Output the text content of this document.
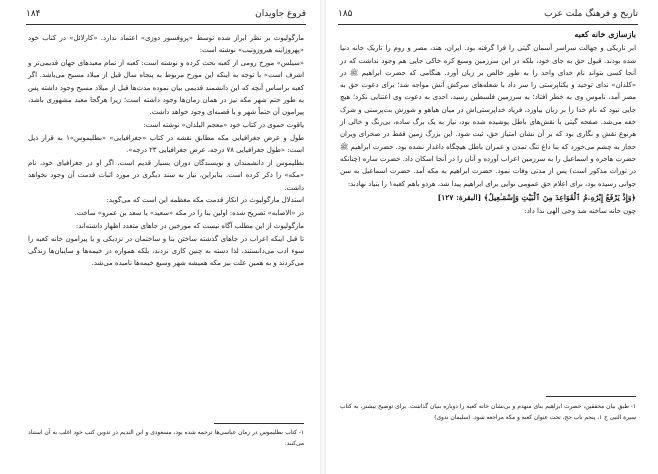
فروغ جاویدان
۱۸۴

مارگولیوث بر نظر ابراز شده توسط «پروفسور دوزی» اعتماد ندارد. «کارلائل» در کتاب خود «پهروزاینه هیروزوتیب» نوشته است:

«سیلس» مورخ رومی از کعبه بحث کرده و نوشته است: کعبه از تمام معبدهای جهان قدیمی‌تر و اشرف است» با توجه به اینکه این مورخ مربوط به پنجاه سال قبل از میلاد مسیح می‌باشد. اگر کعبه براساس آنچه که این دانشمند قدیمی بیان نموده مدت‌ها قبل از میلاد مسیح وجود داشته پس به طور حتم شهر مکه نیز در همان زمان‌ها وجود داشته است؛ زیرا هرگجا معبد مشهوری باشد، پیرامون آن حتماً شهر و یا قصبه‌ای وجود خواهد داشت.

یاقوت حموی در کتاب خود «معجم البلدان» نوشته است:

طول و عرض جغرافیایی مکه مطابق نقشه در کتاب «جغرافیایی» «بطلیموس»۱ به قرار ذیل است: «طول جغرافیایی ۷۸ درجه، عرض جغرافیایی ۲۳ درجه».

بطلیموس از دانشمندان و نویسندگان دوران بسیار قدیم است، اگر او در جغرافیای خود، نام «مکه» را ذکر کرده است. بنابراین، نیاز به سند دیگری در مورد اثبات قدمت آن وجود نخواهد داشت.

استدلال مارگولیوث در انکار قدمت مکه معظمه این است که می‌گوید:

در «الاصابه» تصریح شده: اولین بنا را در مکه «سعید» یا سعد بن عمرو» ساخت.

مارگولیوث از این مطلب آگاه نیست که مورخین در جاهای متعدد اظهار داشته‌اند:

تا قبل اینکه اعراب در جاهای گذشته ساختن بنا و ساختمان در نزدیکی و یا پیرامون خانه کعبه را سوء ادب می‌دانستند، لذا دسته به چنین کاری نزدند، بلکه همواره در خیمه‌ها و سایبان‌ها زندگی می‌کردند و به همین علت نیز مکه همیشه شهر وسیع خیمه‌ها نامیده می‌شد.

۱- کتاب بطلیموس در زمان عباسی‌ها ترجمه شده بود، مسعودی و ابن الندیم در تدوین کتب خود اغلب به آن استناد می‌کنند.
تاریخ و فرهنگ ملت عرب
۱۸۵
بازسازی خانه کعبه

ابر تاریکی و جهالت سراسر آسمان گیتی را فرا گرفته بود. ایران، هند، مصر و روم را تاریک خانه دنیا شده بودند. قبول حق به جای خود، بلکه در این سرزمین وسیع کره خاکی جایی هم وجود نداشت که در آنجا کسی بتواند نام خدای واحد را به طور خالص بر زبان آورد. هنگامی که حضرت ابراهیم ﷺ در «کلدان» ندای توحید و یکتاپرستی را سر داد با شعله‌های سرکش آتش مواجه شد؛ برای دعوت حق به مصر آمد، ناموس وی به خطر افتاد؛ به سرزمین فلسطین رسید، احدی به دعوت وی اعتنایی نکرد؛ هیچ جایی نبود که نام خدا را بر زبان بیاورد، فریاد خداپرستی‌اش در میان هیاهو و شورش بت‌پرستی و شرک خفه می‌شد. صفحه گیتی با نقش‌های باطل پوشیده شده بود، نیاز به یک برگ ساده، بی‌رنگ و خالی از هرنوع نقش و نگاری بود که بر آن نشان امتیاز حق، ثبت شود. این بزرگ زمین فقط در صحرای ویران حجاز به چشم می‌خورد که بنا داغ تنگ تمدن و عمران باطل هیچگاه داغدار نشده بود. حضرت ابراهیم ﷺ حضرت هاجره و اسماعیل را به سرزمین اعراب آورده و آنان را در آنجا اسکان داد. حضرت ساره (چنانکه در تورات مذکور است) پس از مدتی وفات نمود. حضرت ابراهیم به مکه آمد. حضرت اسماعیل به سن جوانی رسیده بود، برای اعلام حق عمومی نوایی برای ابراهیم پیدا شد، هردو باهم کعبه۱ را بنیاد نهادند:

﴿وَإِذْ يَرْفَعُ إِبْرَٰهِۦمُ ٱلْقَوَاعِدَ مِنَ ٱلْبَيْتِ وَإِسْمَـٰعِيلُ﴾ [البقرة: ۱۲۷]

چون خانه ساخته شد وحی الهی ندا داد:

۱- طبق بیان محققین، حضرت ابراهیم بنای منهدم و بی‌نشان خانه کعبه را دوباره بنیان گذاشت. برای توضیح بیشتر، به کتاب سیرة النبی ج ۱، پنجم باب حج، تحت عنوان کعبه و مکه مراجعه شود. (سلیمان ندوی)
